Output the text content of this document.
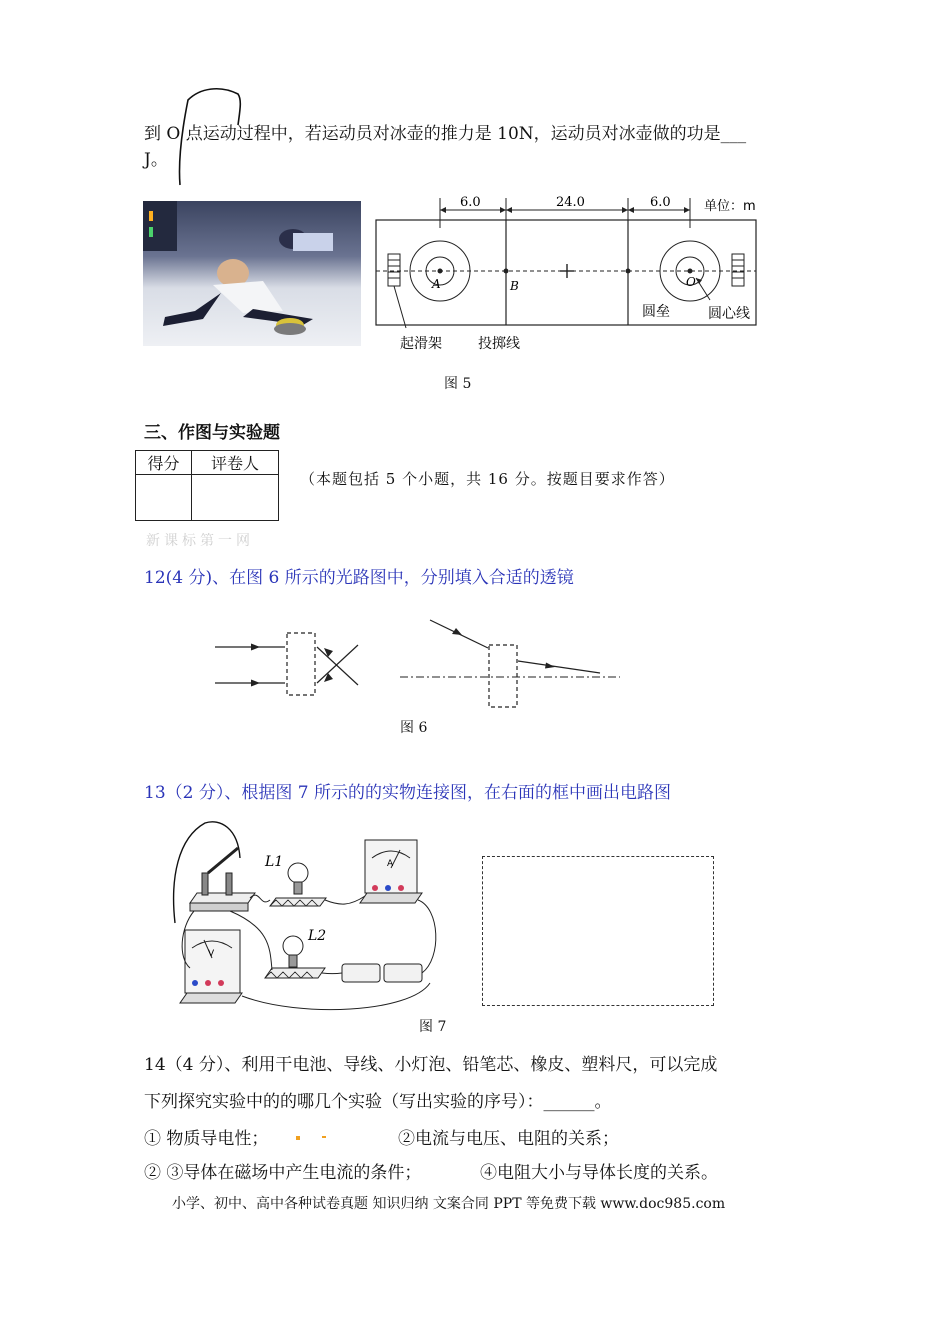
到 O 点运动过程中，若运动员对冰壶的推力是 10N，运动员对冰壶做的功是___
J。
6.0	24.0	6.0	单位：m
A	B	O
起滑架	投掷线
圆垒	圆心线
图 5
三、作图与实验题
得分	评卷人

（本题包括 5 个小题，共 16 分。按题目要求作答）
新课标第一网
12(4 分)、在图 6 所示的光路图中，分别填入合适的透镜
图 6
13（2 分）、根据图 7 所示的的实物连接图，在右面的框中画出电路图
L1	A
V
L2
图 7
14（4 分）、利用干电池、导线、小灯泡、铅笔芯、橡皮、塑料尺，可以完成
下列探究实验中的的哪几个实验（写出实验的序号）：______。
① 物质导电性；	②电流与电压、电阻的关系；
② ③导体在磁场中产生电流的条件；	④电阻大小与导体长度的关系。
小学、初中、高中各种试卷真题 知识归纳 文案合同 PPT 等免费下载 www.doc985.com
